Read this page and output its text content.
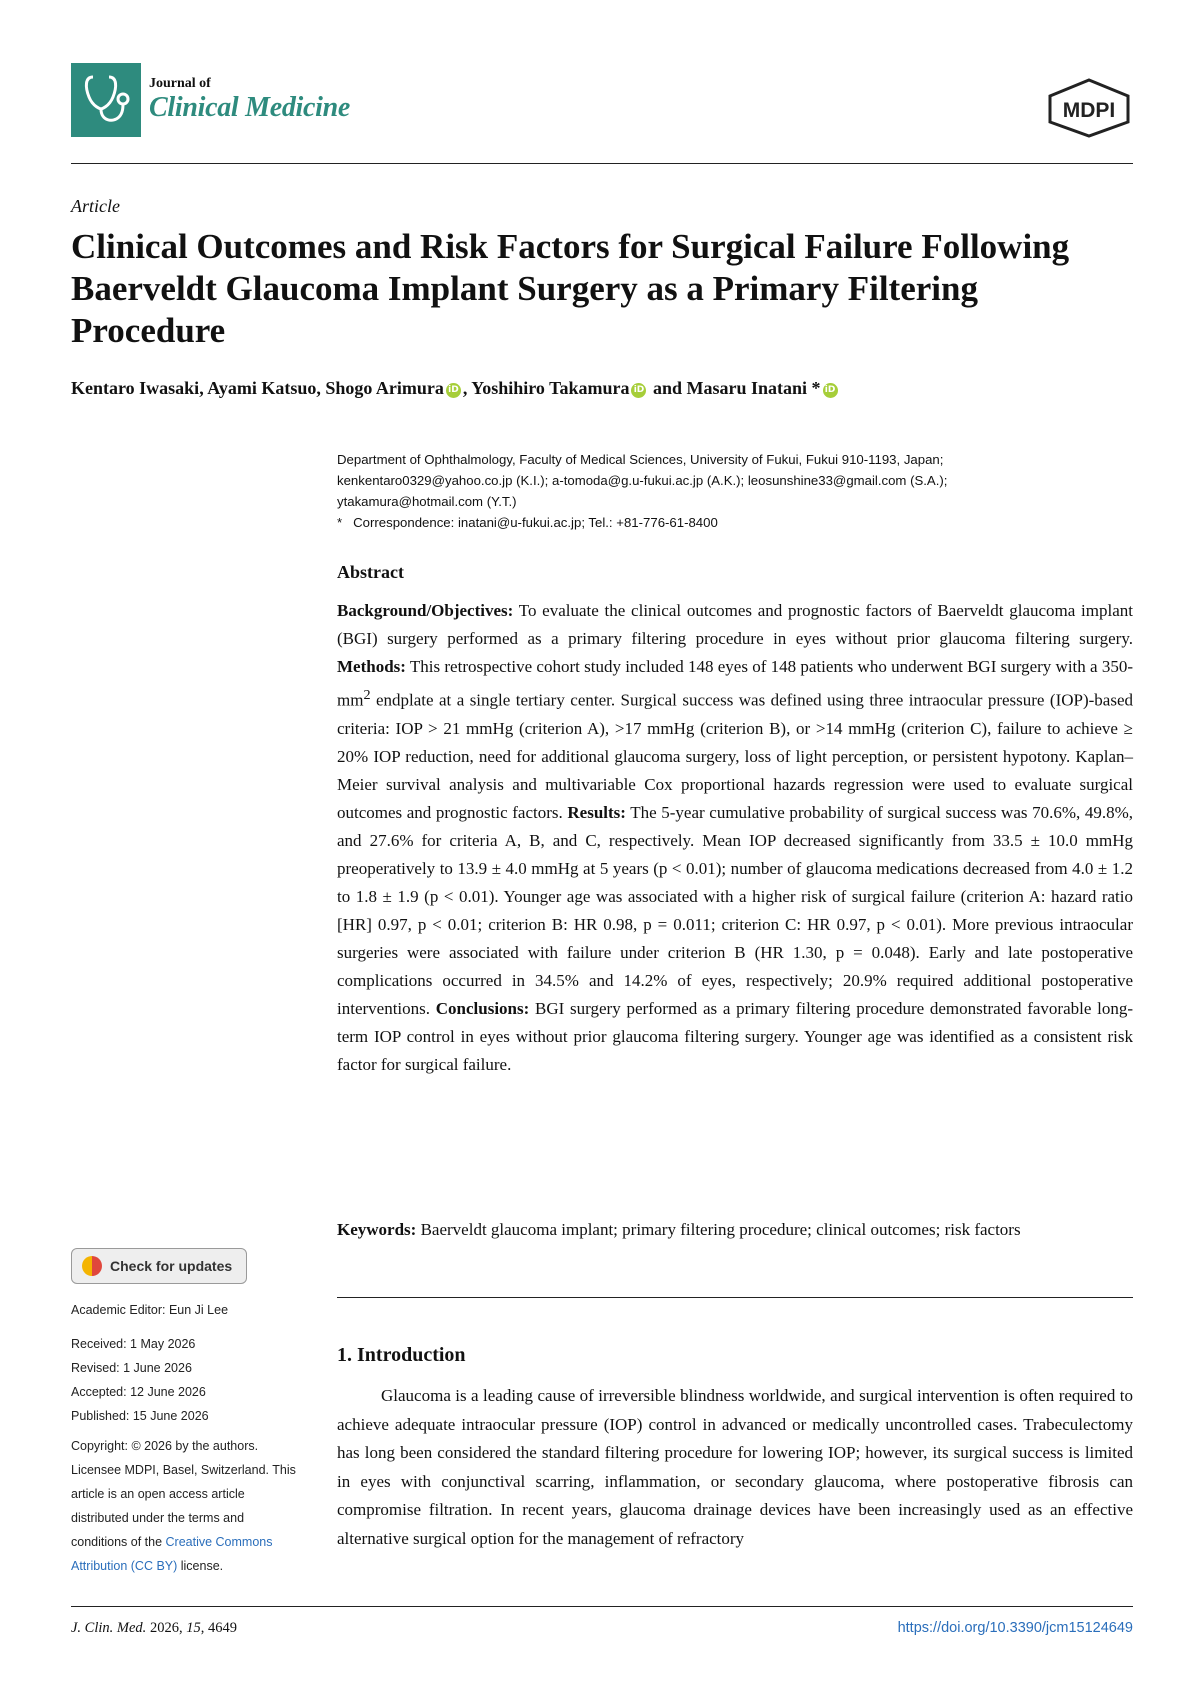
Journal of
Clinical Medicine	MDPI
Article
Clinical Outcomes and Risk Factors for Surgical Failure Following Baerveldt Glaucoma Implant Surgery as a Primary Filtering Procedure
Kentaro Iwasaki, Ayami Katsuo, Shogo Arimura iD , Yoshihiro Takamura iD and Masaru Inatani * iD
Department of Ophthalmology, Faculty of Medical Sciences, University of Fukui, Fukui 910-1193, Japan;
kenkentaro0329@yahoo.co.jp (K.I.); a-tomoda@g.u-fukui.ac.jp (A.K.); leosunshine33@gmail.com (S.A.);
ytakamura@hotmail.com (Y.T.)
* Correspondence: inatani@u-fukui.ac.jp; Tel.: +81-776-61-8400
Abstract

Background/Objectives: To evaluate the clinical outcomes and prognostic factors of Baerveldt glaucoma implant (BGI) surgery performed as a primary filtering procedure in eyes without prior glaucoma filtering surgery. Methods: This retrospective cohort study included 148 eyes of 148 patients who underwent BGI surgery with a $350-mm^2$ endplate at a single tertiary center. Surgical success was defined using three intraocular pressure (IOP)-based criteria: IOP > 21 mmHg (criterion A), >17 mmHg (criterion B), or >14 mmHg (criterion C), failure to achieve ≥ 20% IOP reduction, need for additional glaucoma surgery, loss of light perception, or persistent hypotony. Kaplan–Meier survival analysis and multivariable Cox proportional hazards regression were used to evaluate surgical outcomes and prognostic factors. Results: The 5-year cumulative probability of surgical success was 70.6%, 49.8%, and 27.6% for criteria A, B, and C, respectively. Mean IOP decreased significantly from 33.5 ± 10.0 mmHg preoperatively to 13.9 ± 4.0 mmHg at 5 years (p < 0.01); number of glaucoma medications decreased from 4.0 ± 1.2 to 1.8 ± 1.9 (p < 0.01). Younger age was associated with a higher risk of surgical failure (criterion A: hazard ratio [HR] 0.97, p < 0.01; criterion B: HR 0.98, p = 0.011; criterion C: HR 0.97, p < 0.01). More previous intraocular surgeries were associated with failure under criterion B (HR 1.30, p = 0.048). Early and late postoperative complications occurred in 34.5% and 14.2% of eyes, respectively; 20.9% required additional postoperative interventions. Conclusions: BGI surgery performed as a primary filtering procedure demonstrated favorable long-term IOP control in eyes without prior glaucoma filtering surgery. Younger age was identified as a consistent risk factor for surgical failure.

Keywords: Baerveldt glaucoma implant; primary filtering procedure; clinical outcomes; risk factors

1. Introduction

Glaucoma is a leading cause of irreversible blindness worldwide, and surgical intervention is often required to achieve adequate intraocular pressure (IOP) control in advanced or medically uncontrolled cases. Trabeculectomy has long been considered the standard filtering procedure for lowering IOP; however, its surgical success is limited in eyes with conjunctival scarring, inflammation, or secondary glaucoma, where postoperative fibrosis can compromise filtration. In recent years, glaucoma drainage devices have been increasingly used as an effective alternative surgical option for the management of refractory

Check for updates
Academic Editor: Eun Ji Lee
Received: 1 May 2026
Revised: 1 June 2026
Accepted: 12 June 2026
Published: 15 June 2026
Copyright: © 2026 by the authors. Licensee MDPI, Basel, Switzerland. This article is an open access article distributed under the terms and conditions of the Creative Commons Attribution (CC BY) license.
J. Clin. Med. 2026, 15, 4649	https://doi.org/10.3390/jcm15124649
